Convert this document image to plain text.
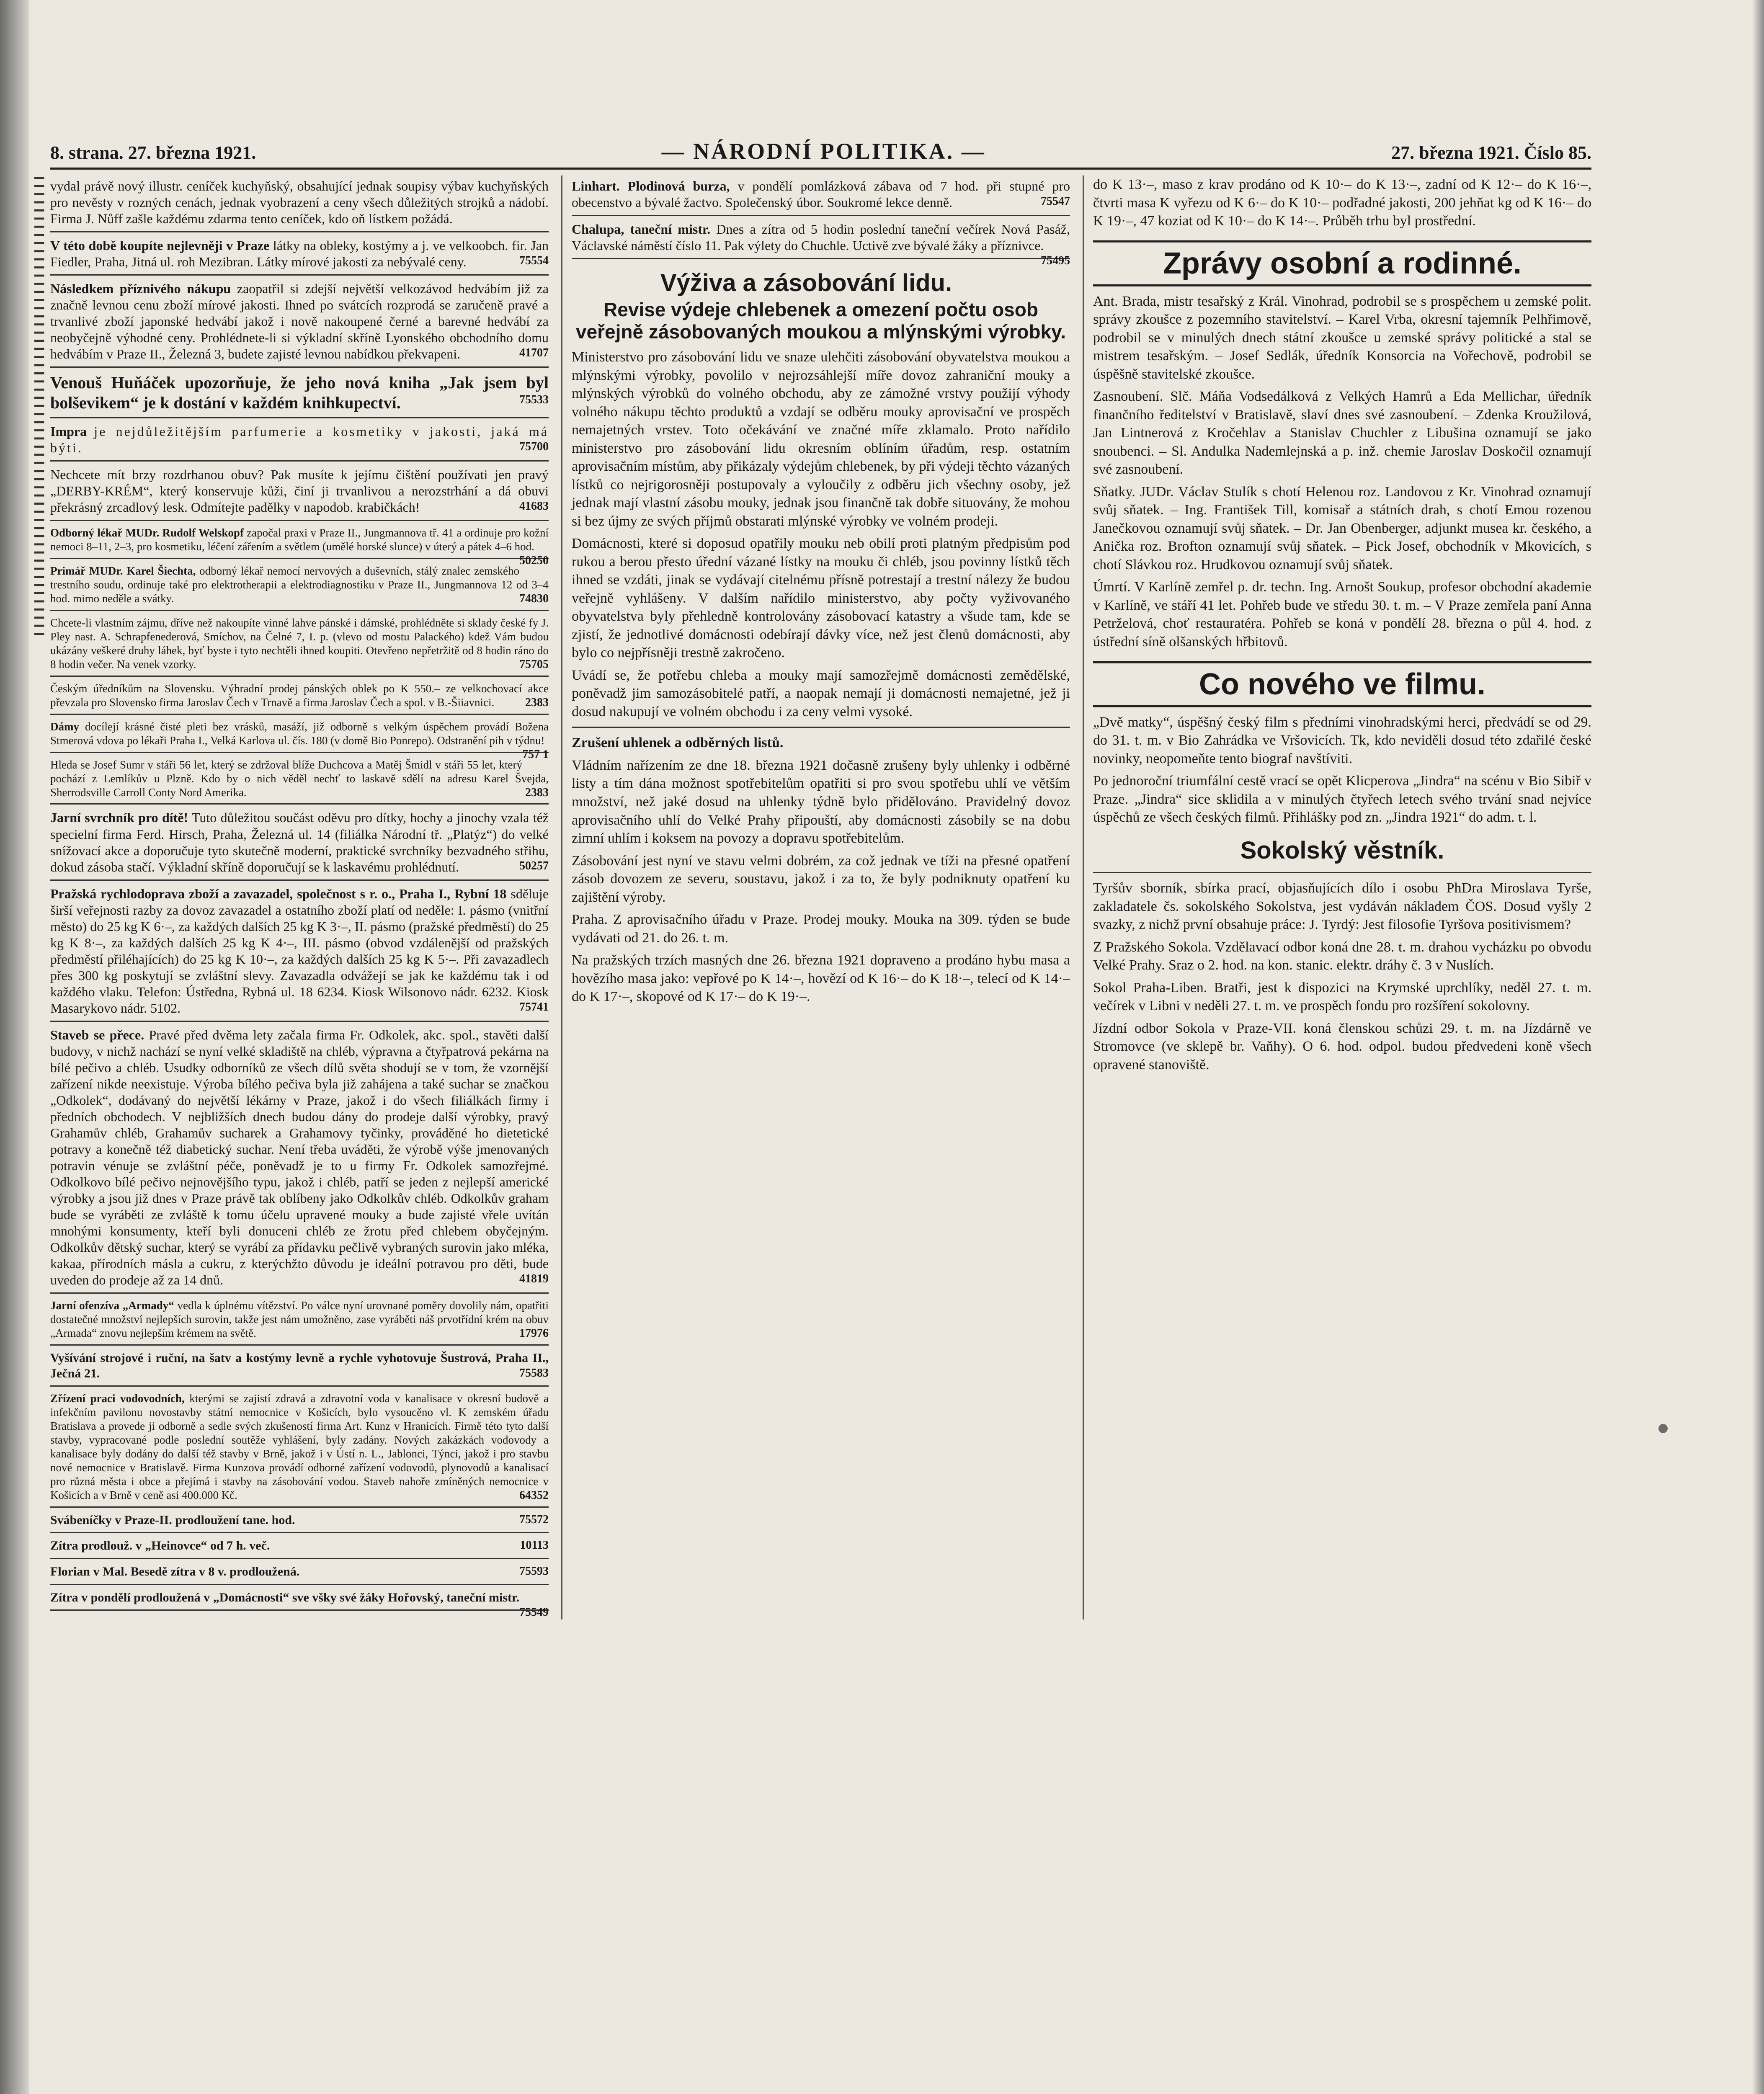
IIIIIIIIIIIIIIIIIIIIIIIIIIIIIIIIIIIIIIIIIIIIIIIIIIIIIIIII
8. strana. 27. března 1921.	— NÁRODNÍ POLITIKA. —	27. března 1921. Číslo 85.
vydal právě nový illustr. ceníček kuchyňský, obsahující jednak soupisy výbav kuchyňských pro nevěsty v rozných cenách, jednak vyobrazení a ceny všech důležitých strojků a nádobí. Firma J. Nůff zašle každému zdarma tento ceníček, kdo oň lístkem požádá.
V této době koupíte nejlevněji v Praze látky na obleky, kostýmy a j. ve velkoobch. fir. Jan Fiedler, Praha, Jitná ul. roh Mezibran. Látky mírové jakosti za nebývalé ceny.	75554
Následkem příznivého nákupu zaopatřil si zdejší největší velkozávod hedvábím již za značně levnou cenu zboží mírové jakosti. Ihned po svátcích rozprodá se zaručeně pravé a trvanlivé zboží japonské hedvábí jakož i nově nakoupené černé a barevné hedvábí za neobyčejně výhodné ceny. Prohlédnete-li si výkladní skříně Lyonského obchodního domu hedvábím v Praze II., Železná 3, budete zajisté levnou nabídkou překvapeni.	41707
Venouš Huňáček upozorňuje, že jeho nová kniha „Jak jsem byl bolševikem“ je k dostání v každém knihkupectví.	75533
Impra je nejdůležitějším parfumerie a kosmetiky v jakosti, jaká má býti.	75700
Nechcete mít brzy rozdrhanou obuv? Pak musíte k jejímu čištění používati jen pravý „DERBY-KRÉM“, který konservuje kůži, činí ji trvanlivou a nerozstrhání a dá obuvi překrásný zrcadlový lesk. Odmítejte padělky v napodob. krabičkách!	41683
Odborný lékař MUDr. Rudolf Welskopf započal praxi v Praze II., Jungmannova tř. 41 a ordinuje pro kožní nemoci 8–11, 2–3, pro kosmetiku, léčení zářením a světlem (umělé horské slunce) v úterý a pátek 4–6 hod.
50250
Primář MUDr. Karel Šiechta, odborný lékař nemocí nervových a duševních, stálý znalec zemského trestního soudu, ordinuje také pro elektrotherapii a elektrodiagnostiku v Praze II., Jungmannova 12 od 3–4 hod. mimo neděle a svátky.	74830
Chcete-li vlastním zájmu, dříve než nakoupíte vinné lahve pánské i dámské, prohlédněte si sklady české fy J. Pley nast. A. Schrapfenederová, Smíchov, na Čelné 7, I. p. (vlevo od mostu Palackého) kdež Vám budou ukázány veškeré druhy láhek, byť byste i tyto nechtěli ihned koupiti. Otevřeno nepřetržitě od 8 hodin ráno do 8 hodin večer. Na venek vzorky.	75705
Českým úředníkům na Slovensku. Výhradní prodej pánských oblek po K 550.– ze velkochovací akce převzala pro Slovensko firma Jaroslav Čech v Trnavě a firma Jaroslav Čech a spol. v B.-Šiiavnici.	2383
Dámy docílejí krásné čisté pleti bez vrásků, masáží, již odborně s velkým úspěchem provádí Božena Stmerová vdova po lékaři Praha I., Velká Karlova ul. čís. 180 (v domě Bio Ponrepo). Odstranění pih v týdnu!
757 1
Hleda se Josef Sumr v stáři 56 let, který se zdržoval blíže Duchcova a Matěj Šmidl v stáři 55 let, který pochází z Lemlíkův u Plzně. Kdo by o nich věděl nechť to laskavě sdělí na adresu Karel Švejda, Sherrodsville Carroll Conty Nord Amerika.	2383
Jarní svrchník pro dítě! Tuto důležitou součást oděvu pro dítky, hochy a jinochy vzala též specielní firma Ferd. Hirsch, Praha, Železná ul. 14 (filiálka Národní tř. „Platýz“) do velké snížovací akce a doporučuje tyto skutečně moderní, praktické svrchníky bezvadného střihu, dokud zásoba stačí. Výkladní skříně doporučují se k laskavému prohlédnutí.	50257
Pražská rychlodoprava zboží a zavazadel, společnost s r. o., Praha I., Rybní 18 sděluje širší veřejnosti razby za dovoz zavazadel a ostatního zboží platí od neděle: I. pásmo (vnitřní město) do 25 kg K 6·–, za každých dalších 25 kg K 3·–, II. pásmo (pražské předměstí) do 25 kg K 8·–, za každých dalších 25 kg K 4·–, III. pásmo (obvod vzdálenější od pražských předměstí přiléhajících) do 25 kg K 10·–, za každých dalších 25 kg K 5·–. Při zavazadlech přes 300 kg poskytují se zvláštní slevy. Zavazadla odvážejí se jak ke každému tak i od každého vlaku. Telefon: Ústředna, Rybná ul. 18 6234. Kiosk Wilsonovo nádr. 6232. Kiosk Masarykovo nádr. 5102.	75741
Staveb se přece. Pravé před dvěma lety začala firma Fr. Odkolek, akc. spol., stavěti další budovy, v nichž nachází se nyní velké skladiště na chléb, výpravna a čtyřpatrová pekárna na bílé pečivo a chléb. Usudky odborníků ze všech dílů světa shodují se v tom, že vzornější zařízení nikde neexistuje. Výroba bílého pečiva byla již zahájena a také suchar se značkou „Odkolek“, dodávaný do největší lékárny v Praze, jakož i do všech filiálkách firmy i předních obchodech. V nejbližších dnech budou dány do prodeje další výrobky, pravý Grahamův chléb, Grahamův sucharek a Grahamovy tyčinky, prováděné ho dietetické potravy a konečně též diabetický suchar. Není třeba uváděti, že výrobě výše jmenovaných potravin vénuje se zvláštní péče, poněvadž je to u firmy Fr. Odkolek samozřejmé. Odkolkovo bílé pečivo nejnovějšího typu, jakož i chléb, patří se jeden z nejlepší americké výrobky a jsou již dnes v Praze právě tak oblíbeny jako Odkolkův chléb. Odkolkův graham bude se vyráběti ze zvláště k tomu účelu upravené mouky a bude zajisté vřele uvítán mnohými konsumenty, kteří byli donuceni chléb ze žrotu před chlebem obyčejným. Odkolkův dětský suchar, který se vyrábí za přídavku pečlivě vybraných surovin jako mléka, kakaa, přírodních másla a cukru, z kterýchžto důvodu je ideální potravou pro děti, bude uveden do prodeje až za 14 dnů.	41819
Jarní ofenzíva „Armady“ vedla k úplnému vítězství. Po válce nyní urovnané poměry dovolily nám, opatřiti dostatečné množství nejlepších surovin, takže jest nám umožněno, zase vyráběti náš prvotřídní krém na obuv „Armada“ znovu nejlepším krémem na světě.	17976
Vyšívání strojové i ruční, na šatv a kostýmy levně a rychle vyhotovuje Šustrová, Praha II., Ječná 21.	75583
Zřízení praci vodovodních, kterými se zajistí zdravá a zdravotní voda v kanalisace v okresní budově a infekčním pavilonu novostavby státní nemocnice v Košicích, bylo vysoucěno vl. K zemském úřadu Bratislava a provede ji odborně a sedle svých zkušeností firma Art. Kunz v Hranicích. Firmě této tyto další stavby, vypracované podle poslední soutěže vyhlášení, byly zadány. Nových zakázkách vodovody a kanalisace byly dodány do další též stavby v Brně, jakož i v Ústí n. L., Jablonci, Týnci, jakož i pro stavbu nové nemocnice v Bratislavě. Firma Kunzova provádí odborné zařízení vodovodů, plynovodů a kanalisací pro různá města i obce a přejímá i stavby na zásobování vodou. Staveb nahoře zmíněných nemocnice v Košicích a v Brně v ceně asi 400.000 Kč.	64352
Svábeníčky v Praze-II. prodloužení tane. hod.	75572
Zítra prodlouž. v „Heinovce“ od 7 h. več.	10113
Florian v Mal. Besedě zítra v 8 v. prodloužená.	75593
Zítra v pondělí prodloužená v „Domácnosti“ sve všky své žáky Hořovský, taneční mistr.
75549
Linhart. Plodinová burza, v pondělí pomlázková zábava od 7 hod. při stupné pro obecenstvo a bývalé žactvo. Společenský úbor. Soukromé lekce denně.	75547
Chalupa, taneční mistr. Dnes a zítra od 5 hodin poslední taneční večírek Nová Pasáž, Václavské náměstí číslo 11. Pak výlety do Chuchle. Uctivě zve bývalé žáky a příznivce.
75495
Výživa a zásobování lidu.
Revise výdeje chlebenek a omezení počtu osob veřejně zásobovaných moukou a mlýnskými výrobky.

Ministerstvo pro zásobování lidu ve snaze ulehčiti zásobování obyvatelstva moukou a mlýnskými výrobky, povolilo v nejrozsáhlejší míře dovoz zahraniční mouky a mlýnských výrobků do volného obchodu, aby ze zámožné vrstvy použijí výhody volného nákupu těchto produktů a vzdají se odběru mouky aprovisační ve prospěch nemajetných vrstev. Toto očekávání ve značné míře zklamalo. Proto nařídilo ministerstvo pro zásobování lidu okresním oblíním úřadům, resp. ostatním aprovisačním místům, aby přikázaly výdejům chlebenek, by při výdeji těchto vázaných lístků co nejrigorosněji postupovaly a vyloučily z odběru jich všechny osoby, jež jednak mají vlastní zásobu mouky, jednak jsou finančně tak dobře situovány, že mohou si bez újmy ze svých příjmů obstarati mlýnské výrobky ve volném prodeji.

Domácnosti, které si doposud opatřily mouku neb obilí proti platným předpisům pod rukou a berou přesto úřední vázané lístky na mouku či chléb, jsou povinny lístků těch ihned se vzdáti, jinak se vydávají citelnému přísně potrestají a trestní nálezy že budou veřejně vyhlášeny. V dalším nařídilo ministerstvo, aby počty vyživovaného obyvatelstva byly přehledně kontrolovány zásobovací katastry a všude tam, kde se zjistí, že jednotlivé domácnosti odebírají dávky více, než jest členů domácnosti, aby bylo co nejpřísněji trestně zakročeno.

Uvádí se, že potřebu chleba a mouky mají samozřejmě domácnosti zemědělské, poněvadž jim samozásobitelé patří, a naopak nemají ji domácnosti nemajetné, jež ji dosud nakupují ve volném obchodu i za ceny velmi vysoké.

Zrušení uhlenek a odběrných listů.

Vládním nařízením ze dne 18. března 1921 dočasně zrušeny byly uhlenky i odběrné listy a tím dána možnost spotřebitelům opatřiti si pro svou spotřebu uhlí ve větším množství, než jaké dosud na uhlenky týdně bylo přidělováno. Pravidelný dovoz aprovisačního uhlí do Velké Prahy připouští, aby domácnosti zásobily se na dobu zimní uhlím i koksem na povozy a dopravu spotřebitelům.

Zásobování jest nyní ve stavu velmi dobrém, za což jednak ve tíži na přesné opatření zásob dovozem ze severu, soustavu, jakož i za to, že byly podniknuty opatření ku zajištění výroby.

Praha. Z aprovisačního úřadu v Praze. Prodej mouky. Mouka na 309. týden se bude vydávati od 21. do 26. t. m.

Na pražských trzích masných dne 26. března 1921 dopraveno a prodáno hybu masa a hovězího masa jako: vepřové po K 14·–, hovězí od K 16·– do K 18·–, telecí od K 14·– do K 17·–, skopové od K 17·– do K 19·–.

do K 13·–, maso z krav prodáno od K 10·– do K 13·–, zadní od K 12·– do K 16·–, čtvrti masa K vyřezu od K 6·– do K 10·– podřadné jakosti, 200 jehňat kg od K 16·– do K 19·–, 47 koziat od K 10·– do K 14·–. Průběh trhu byl prostřední.

Zprávy osobní a rodinné.

Ant. Brada, mistr tesařský z Král. Vinohrad, podrobil se s prospěchem u zemské polit. správy zkoušce z pozemního stavitelství. – Karel Vrba, okresní tajemník Pelhřimově, podrobil se v minulých dnech státní zkoušce u zemské správy politické a stal se mistrem tesařským. – Josef Sedlák, úředník Konsorcia na Vořechově, podrobil se úspěšně stavitelské zkoušce.

Zasnoubení. Slč. Máňa Vodsedálková z Velkých Hamrů a Eda Mellichar, úředník finančního ředitelství v Bratislavě, slaví dnes své zasnoubení. – Zdenka Kroužilová, Jan Lintnerová z Kročehlav a Stanislav Chuchler z Libušina oznamují se jako snoubenci. – Sl. Andulka Nademlejnská a p. inž. chemie Jaroslav Doskočil oznamují své zasnoubení.

Sňatky. JUDr. Václav Stulík s chotí Helenou roz. Landovou z Kr. Vinohrad oznamují svůj sňatek. – Ing. František Till, komisař a státních drah, s chotí Emou rozenou Janečkovou oznamují svůj sňatek. – Dr. Jan Obenberger, adjunkt musea kr. českého, a Anička roz. Brofton oznamují svůj sňatek. – Pick Josef, obchodník v Mkovicích, s chotí Slávkou roz. Hrudkovou oznamují svůj sňatek.

Úmrtí. V Karlíně zemřel p. dr. techn. Ing. Arnošt Soukup, profesor obchodní akademie v Karlíně, ve stáří 41 let. Pohřeb bude ve středu 30. t. m. – V Praze zemřela paní Anna Petrželová, choť restauratéra. Pohřeb se koná v pondělí 28. března o půl 4. hod. z ústřední síně olšanských hřbitovů.

Co nového ve filmu.

„Dvě matky“, úspěšný český film s předními vinohradskými herci, předvádí se od 29. do 31. t. m. v Bio Zahrádka ve Vršovicích. Tk, kdo neviděli dosud této zdařilé české novinky, neopomeňte tento biograf navštíviti.

Po jednoroční triumfální cestě vrací se opět Klicperova „Jindra“ na scénu v Bio Sibiř v Praze. „Jindra“ sice sklidila a v minulých čtyřech letech svého trvání snad nejvíce úspěchů ze všech českých filmů. Přihlášky pod zn. „Jindra 1921“ do adm. t. l.

Sokolský věstník.

Tyršův sborník, sbírka prací, objasňujících dílo i osobu PhDra Miroslava Tyrše, zakladatele čs. sokolského Sokolstva, jest vydáván nákladem ČOS. Dosud vyšly 2 svazky, z nichž první obsahuje práce: J. Tyrdý: Jest filosofie Tyršova positivismem?

Z Pražského Sokola. Vzdělavací odbor koná dne 28. t. m. drahou vycházku po obvodu Velké Prahy. Sraz o 2. hod. na kon. stanic. elektr. dráhy č. 3 v Nuslích.

Sokol Praha-Liben. Bratři, jest k dispozici na Krymské uprchlíky, neděl 27. t. m. večírek v Libni v neděli 27. t. m. ve prospěch fondu pro rozšíření sokolovny.

Jízdní odbor Sokola v Praze-VII. koná členskou schůzi 29. t. m. na Jízdárně ve Stromovce (ve sklepě br. Vaňhy). O 6. hod. odpol. budou předvedeni koně všech opravené stanoviště.
